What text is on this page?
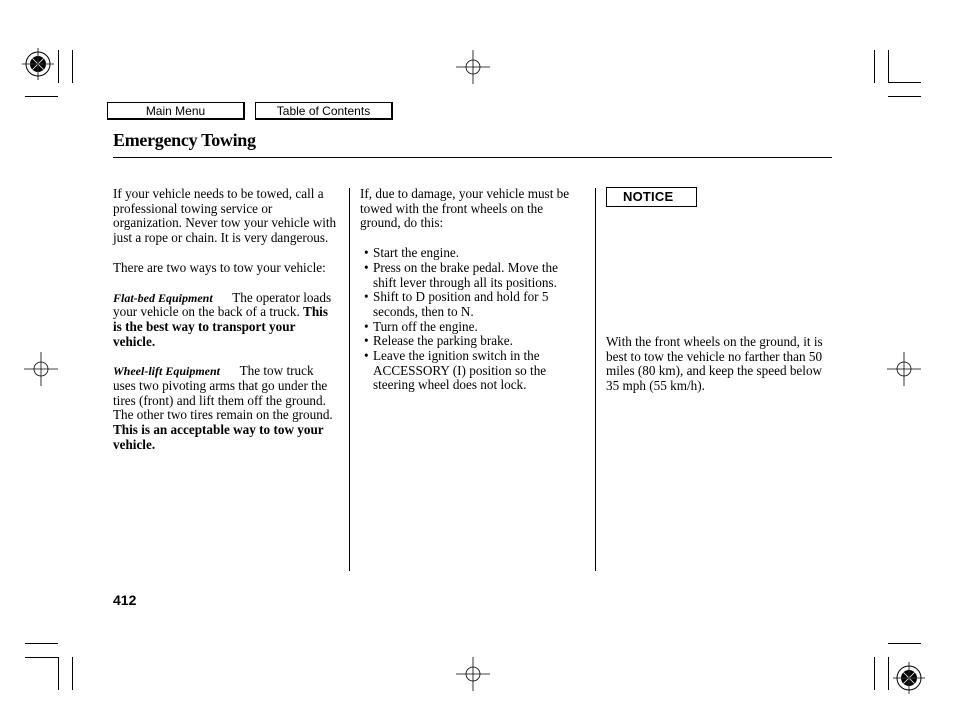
Main Menu	Table of Contents
Emergency Towing

If your vehicle needs to be towed, call a professional towing service or organization. Never tow your vehicle with just a rope or chain. It is very dangerous.

There are two ways to tow your vehicle:

Flat-bed Equipment The operator loads your vehicle on the back of a truck. This is the best way to transport your vehicle.

Wheel-lift Equipment The tow truck uses two pivoting arms that go under the tires (front) and lift them off the ground. The other two tires remain on the ground. This is an acceptable way to tow your vehicle.

If, due to damage, your vehicle must be towed with the front wheels on the ground, do this:

• Start the engine.
• Press on the brake pedal. Move the shift lever through all its positions.
• Shift to D position and hold for 5 seconds, then to N.
• Turn off the engine.
• Release the parking brake.
• Leave the ignition switch in the ACCESSORY (I) position so the steering wheel does not lock.
NOTICE

With the front wheels on the ground, it is best to tow the vehicle no farther than 50 miles (80 km), and keep the speed below 35 mph (55 km/h).

412
